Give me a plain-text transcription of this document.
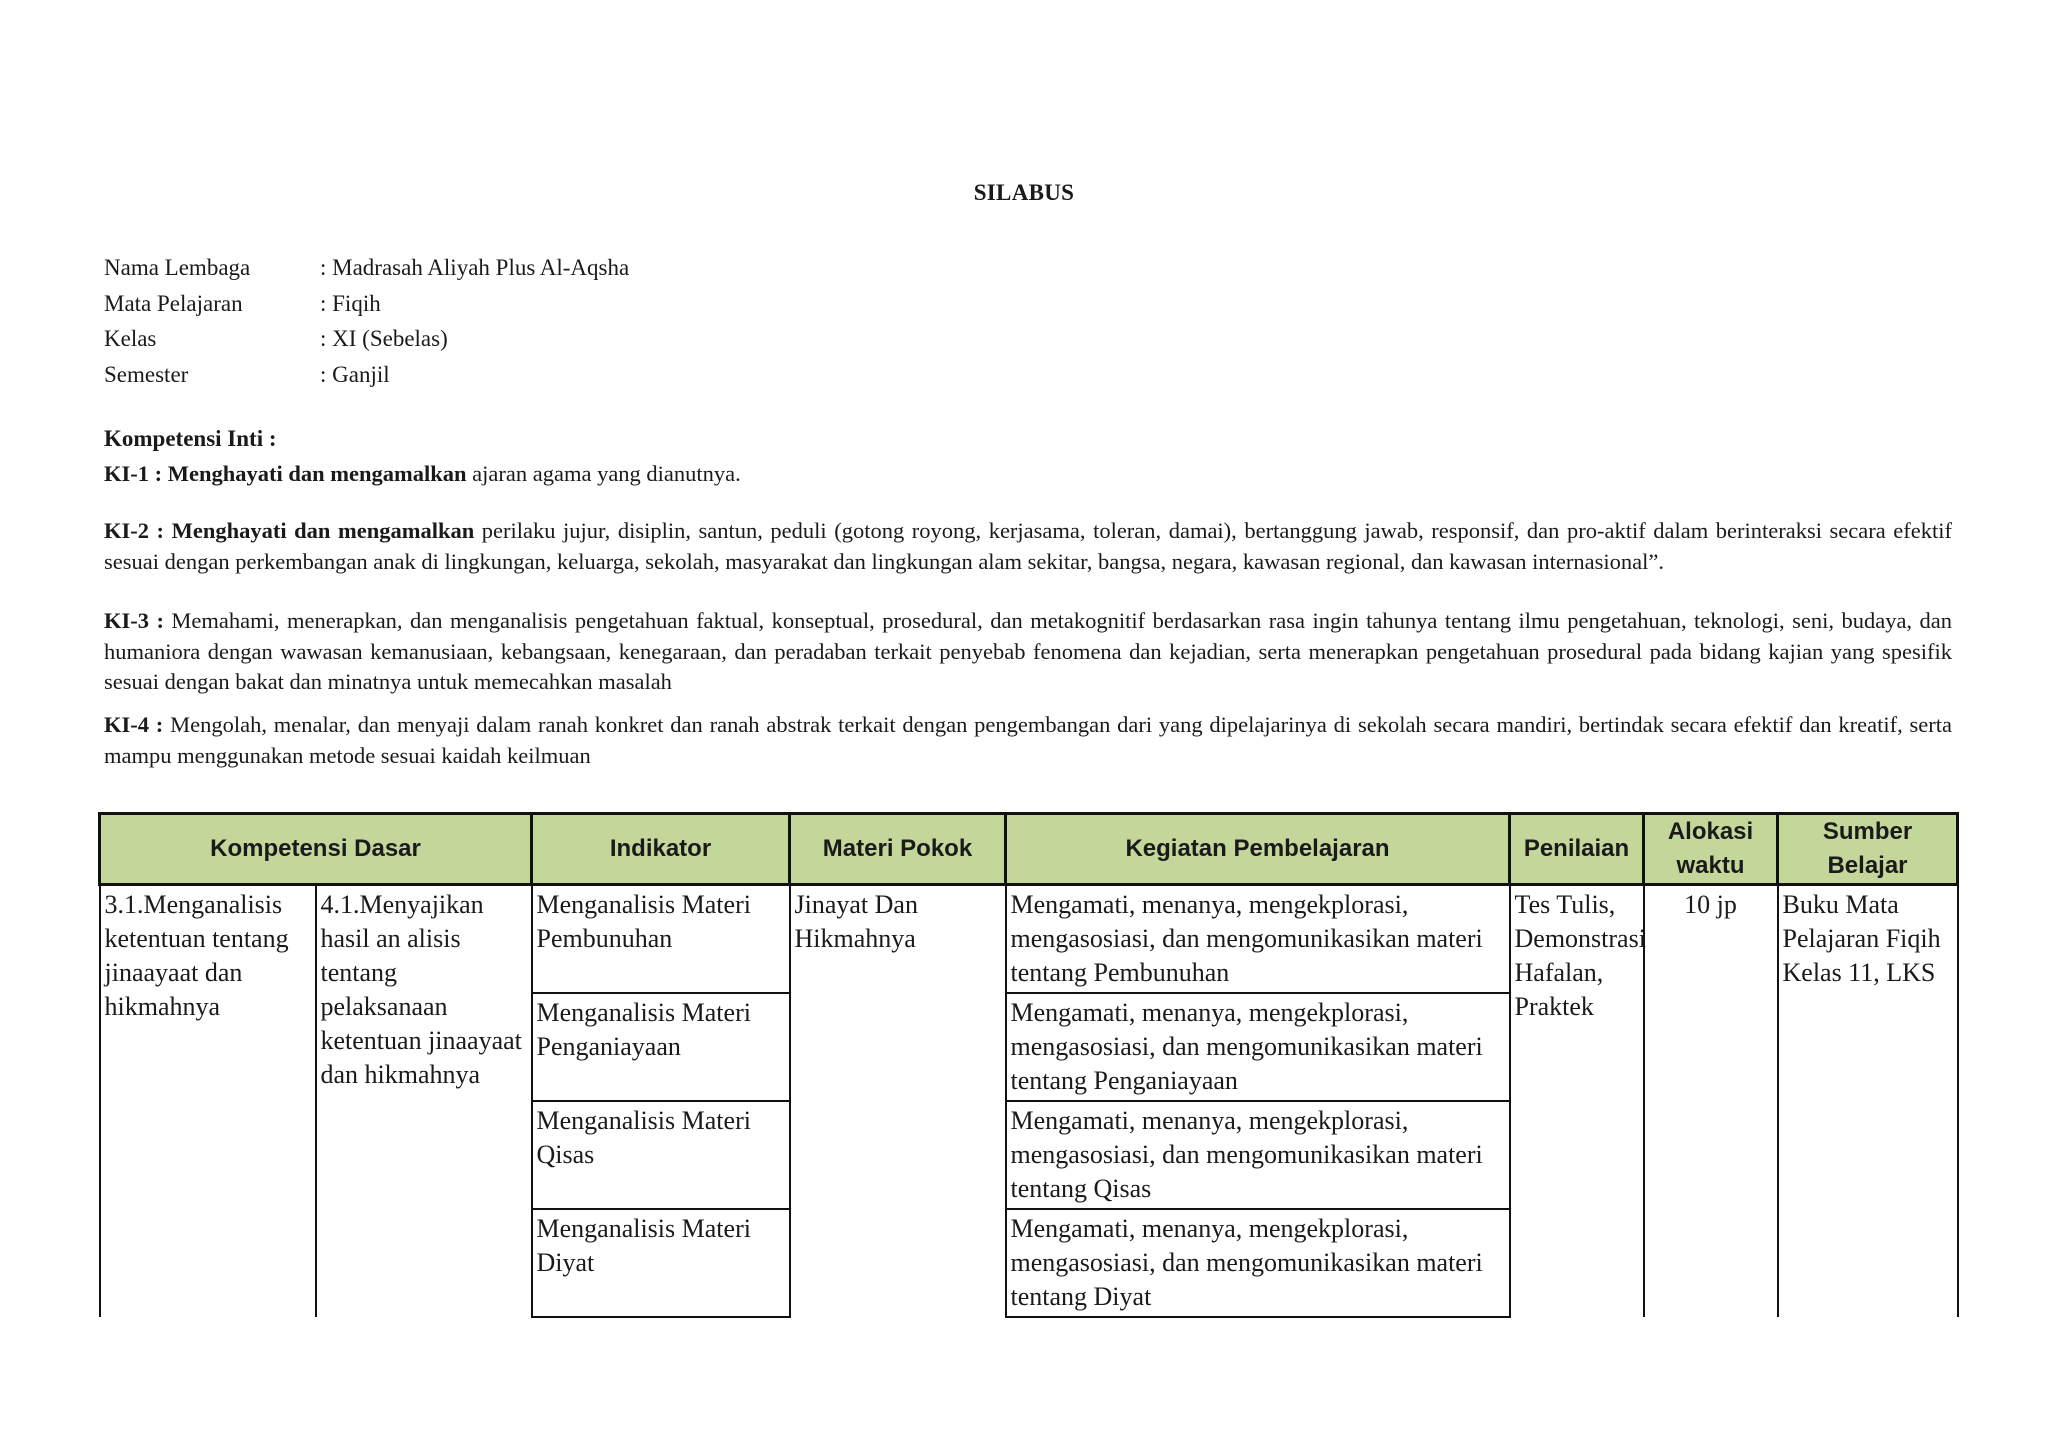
SILABUS
Nama Lembaga	: Madrasah Aliyah Plus Al-Aqsha
Mata Pelajaran	: Fiqih
Kelas	: XI (Sebelas)
Semester	: Ganjil
Kompetensi Inti :
KI-1 : Menghayati dan mengamalkan ajaran agama yang dianutnya.
KI-2 : Menghayati dan mengamalkan perilaku jujur, disiplin, santun, peduli (gotong royong, kerjasama, toleran, damai), bertanggung jawab, responsif, dan pro-aktif dalam berinteraksi secara efektif sesuai dengan perkembangan anak di lingkungan, keluarga, sekolah, masyarakat dan lingkungan alam sekitar, bangsa, negara, kawasan regional, dan kawasan internasional”.
KI-3 : Memahami, menerapkan, dan menganalisis pengetahuan faktual, konseptual, prosedural, dan metakognitif berdasarkan rasa ingin tahunya tentang ilmu pengetahuan, teknologi, seni, budaya, dan humaniora dengan wawasan kemanusiaan, kebangsaan, kenegaraan, dan peradaban terkait penyebab fenomena dan kejadian, serta menerapkan pengetahuan prosedural pada bidang kajian yang spesifik sesuai dengan bakat dan minatnya untuk memecahkan masalah
KI-4 : Mengolah, menalar, dan menyaji dalam ranah konkret dan ranah abstrak terkait dengan pengembangan dari yang dipelajarinya di sekolah secara mandiri, bertindak secara efektif dan kreatif, serta mampu menggunakan metode sesuai kaidah keilmuan
Kompetensi Dasar		Indikator	Materi Pokok	Kegiatan Pembelajaran	Penilaian	Alokasi waktu	Sumber Belajar
3.1.Menganalisis ketentuan tentang jinaayaat dan hikmahnya	4.1.Menyajikan hasil an alisis tentang pelaksanaan ketentuan jinaayaat dan hikmahnya	Menganalisis Materi Pembunuhan	Jinayat Dan Hikmahnya	Mengamati, menanya, mengekplorasi, mengasosiasi, dan mengomunikasikan materi tentang Pembunuhan	Tes Tulis, Demonstrasi Hafalan, Praktek	10 jp	Buku Mata Pelajaran Fiqih Kelas 11, LKS
		Menganalisis Materi Penganiayaan		Mengamati, menanya, mengekplorasi, mengasosiasi, dan mengomunikasikan materi tentang Penganiayaan			
		Menganalisis Materi Qisas		Mengamati, menanya, mengekplorasi, mengasosiasi, dan mengomunikasikan materi tentang Qisas			
		Menganalisis Materi Diyat		Mengamati, menanya, mengekplorasi, mengasosiasi, dan mengomunikasikan materi tentang Diyat			
